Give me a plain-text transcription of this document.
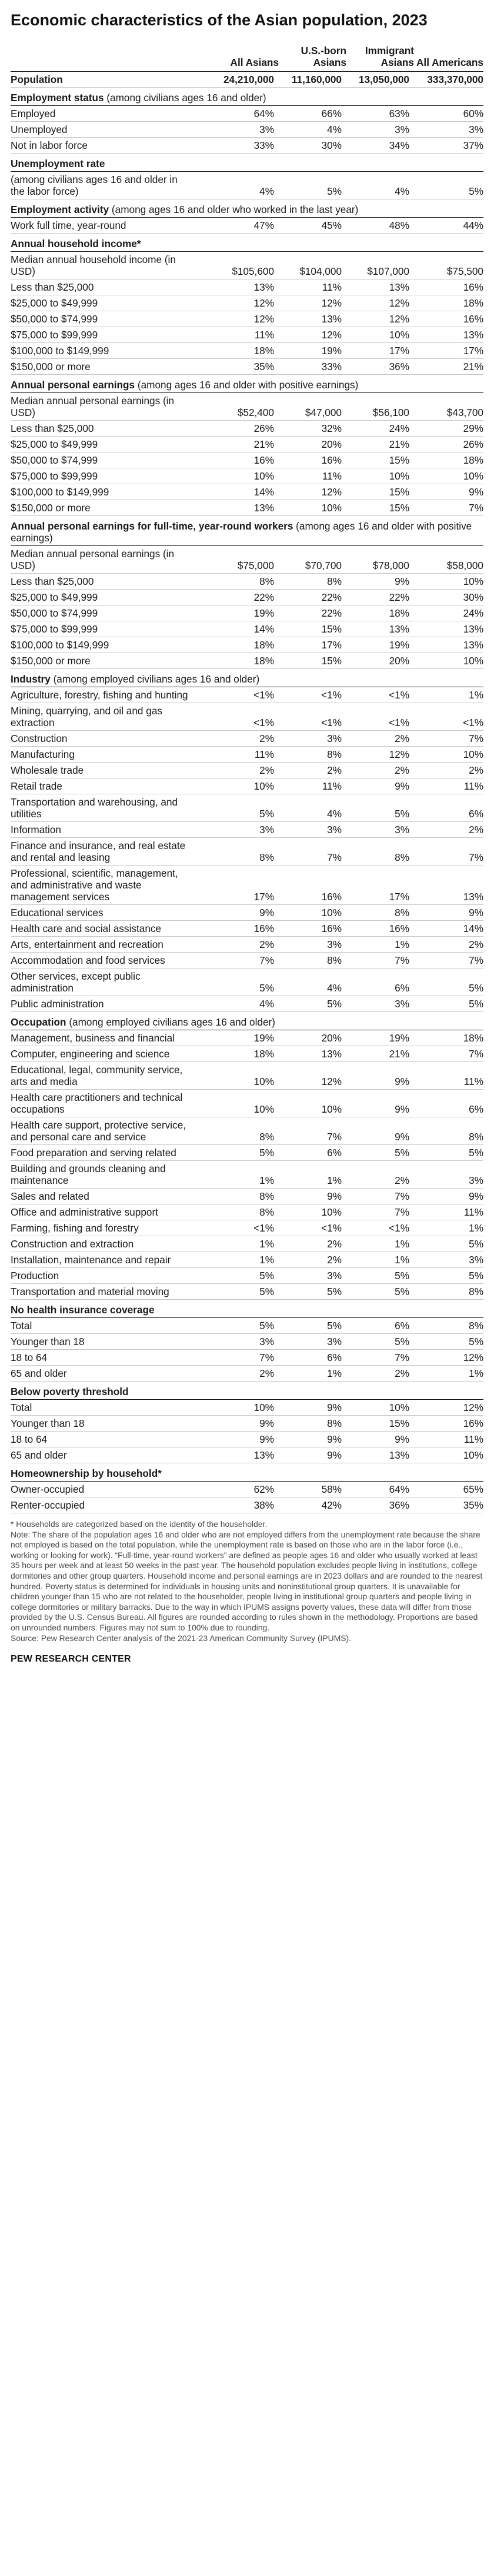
Economic characteristics of the Asian population, 2023
	All Asians	U.S.-born Asians	Immigrant Asians	All Americans
Population	24,210,000	11,160,000	13,050,000	333,370,000
Employment status (among civilians ages 16 and older)				
Employed	64%	66%	63%	60%
Unemployed	3%	4%	3%	3%
Not in labor force	33%	30%	34%	37%
Unemployment rate				
(among civilians ages 16 and older in the labor force)	4%	5%	4%	5%
Employment activity (among ages 16 and older who worked in the last year)				
Work full time, year-round	47%	45%	48%	44%
Annual household income*				
Median annual household income (in USD)	$105,600	$104,000	$107,000	$75,500
Less than $25,000	13%	11%	13%	16%
$25,000 to $49,999	12%	12%	12%	18%
$50,000 to $74,999	12%	13%	12%	16%
$75,000 to $99,999	11%	12%	10%	13%
$100,000 to $149,999	18%	19%	17%	17%
$150,000 or more	35%	33%	36%	21%
Annual personal earnings (among ages 16 and older with positive earnings)				
Median annual personal earnings (in USD)	$52,400	$47,000	$56,100	$43,700
Less than $25,000	26%	32%	24%	29%
$25,000 to $49,999	21%	20%	21%	26%
$50,000 to $74,999	16%	16%	15%	18%
$75,000 to $99,999	10%	11%	10%	10%
$100,000 to $149,999	14%	12%	15%	9%
$150,000 or more	13%	10%	15%	7%
Annual personal earnings for full-time, year-round workers (among ages 16 and older with positive earnings)				
Median annual personal earnings (in USD)	$75,000	$70,700	$78,000	$58,000
Less than $25,000	8%	8%	9%	10%
$25,000 to $49,999	22%	22%	22%	30%
$50,000 to $74,999	19%	22%	18%	24%
$75,000 to $99,999	14%	15%	13%	13%
$100,000 to $149,999	18%	17%	19%	13%
$150,000 or more	18%	15%	20%	10%
Industry (among employed civilians ages 16 and older)				
Agriculture, forestry, fishing and hunting	<1%	<1%	<1%	1%
Mining, quarrying, and oil and gas extraction	<1%	<1%	<1%	<1%
Construction	2%	3%	2%	7%
Manufacturing	11%	8%	12%	10%
Wholesale trade	2%	2%	2%	2%
Retail trade	10%	11%	9%	11%
Transportation and warehousing, and utilities	5%	4%	5%	6%
Information	3%	3%	3%	2%
Finance and insurance, and real estate and rental and leasing	8%	7%	8%	7%
Professional, scientific, management, and administrative and waste management services	17%	16%	17%	13%
Educational services	9%	10%	8%	9%
Health care and social assistance	16%	16%	16%	14%
Arts, entertainment and recreation	2%	3%	1%	2%
Accommodation and food services	7%	8%	7%	7%
Other services, except public administration	5%	4%	6%	5%
Public administration	4%	5%	3%	5%
Occupation (among employed civilians ages 16 and older)				
Management, business and financial	19%	20%	19%	18%
Computer, engineering and science	18%	13%	21%	7%
Educational, legal, community service, arts and media	10%	12%	9%	11%
Health care practitioners and technical occupations	10%	10%	9%	6%
Health care support, protective service, and personal care and service	8%	7%	9%	8%
Food preparation and serving related	5%	6%	5%	5%
Building and grounds cleaning and maintenance	1%	1%	2%	3%
Sales and related	8%	9%	7%	9%
Office and administrative support	8%	10%	7%	11%
Farming, fishing and forestry	<1%	<1%	<1%	1%
Construction and extraction	1%	2%	1%	5%
Installation, maintenance and repair	1%	2%	1%	3%
Production	5%	3%	5%	5%
Transportation and material moving	5%	5%	5%	8%
No health insurance coverage				
Total	5%	5%	6%	8%
Younger than 18	3%	3%	5%	5%
18 to 64	7%	6%	7%	12%
65 and older	2%	1%	2%	1%
Below poverty threshold				
Total	10%	9%	10%	12%
Younger than 18	9%	8%	15%	16%
18 to 64	9%	9%	9%	11%
65 and older	13%	9%	13%	10%
Homeownership by household*				
Owner-occupied	62%	58%	64%	65%
Renter-occupied	38%	42%	36%	35%

* Households are categorized based on the identity of the householder.

Note: The share of the population ages 16 and older who are not employed differs from the unemployment rate because the share not employed is based on the total population, while the unemployment rate is based on those who are in the labor force (i.e., working or looking for work). “Full-time, year-round workers” are defined as people ages 16 and older who usually worked at least 35 hours per week and at least 50 weeks in the past year. The household population excludes people living in institutions, college dormitories and other group quarters. Household income and personal earnings are in 2023 dollars and are rounded to the nearest hundred. Poverty status is determined for individuals in housing units and noninstitutional group quarters. It is unavailable for children younger than 15 who are not related to the householder, people living in institutional group quarters and people living in college dormitories or military barracks. Due to the way in which IPUMS assigns poverty values, these data will differ from those provided by the U.S. Census Bureau. All figures are rounded according to rules shown in the methodology. Proportions are based on unrounded numbers. Figures may not sum to 100% due to rounding.

Source: Pew Research Center analysis of the 2021-23 American Community Survey (IPUMS).

PEW RESEARCH CENTER
